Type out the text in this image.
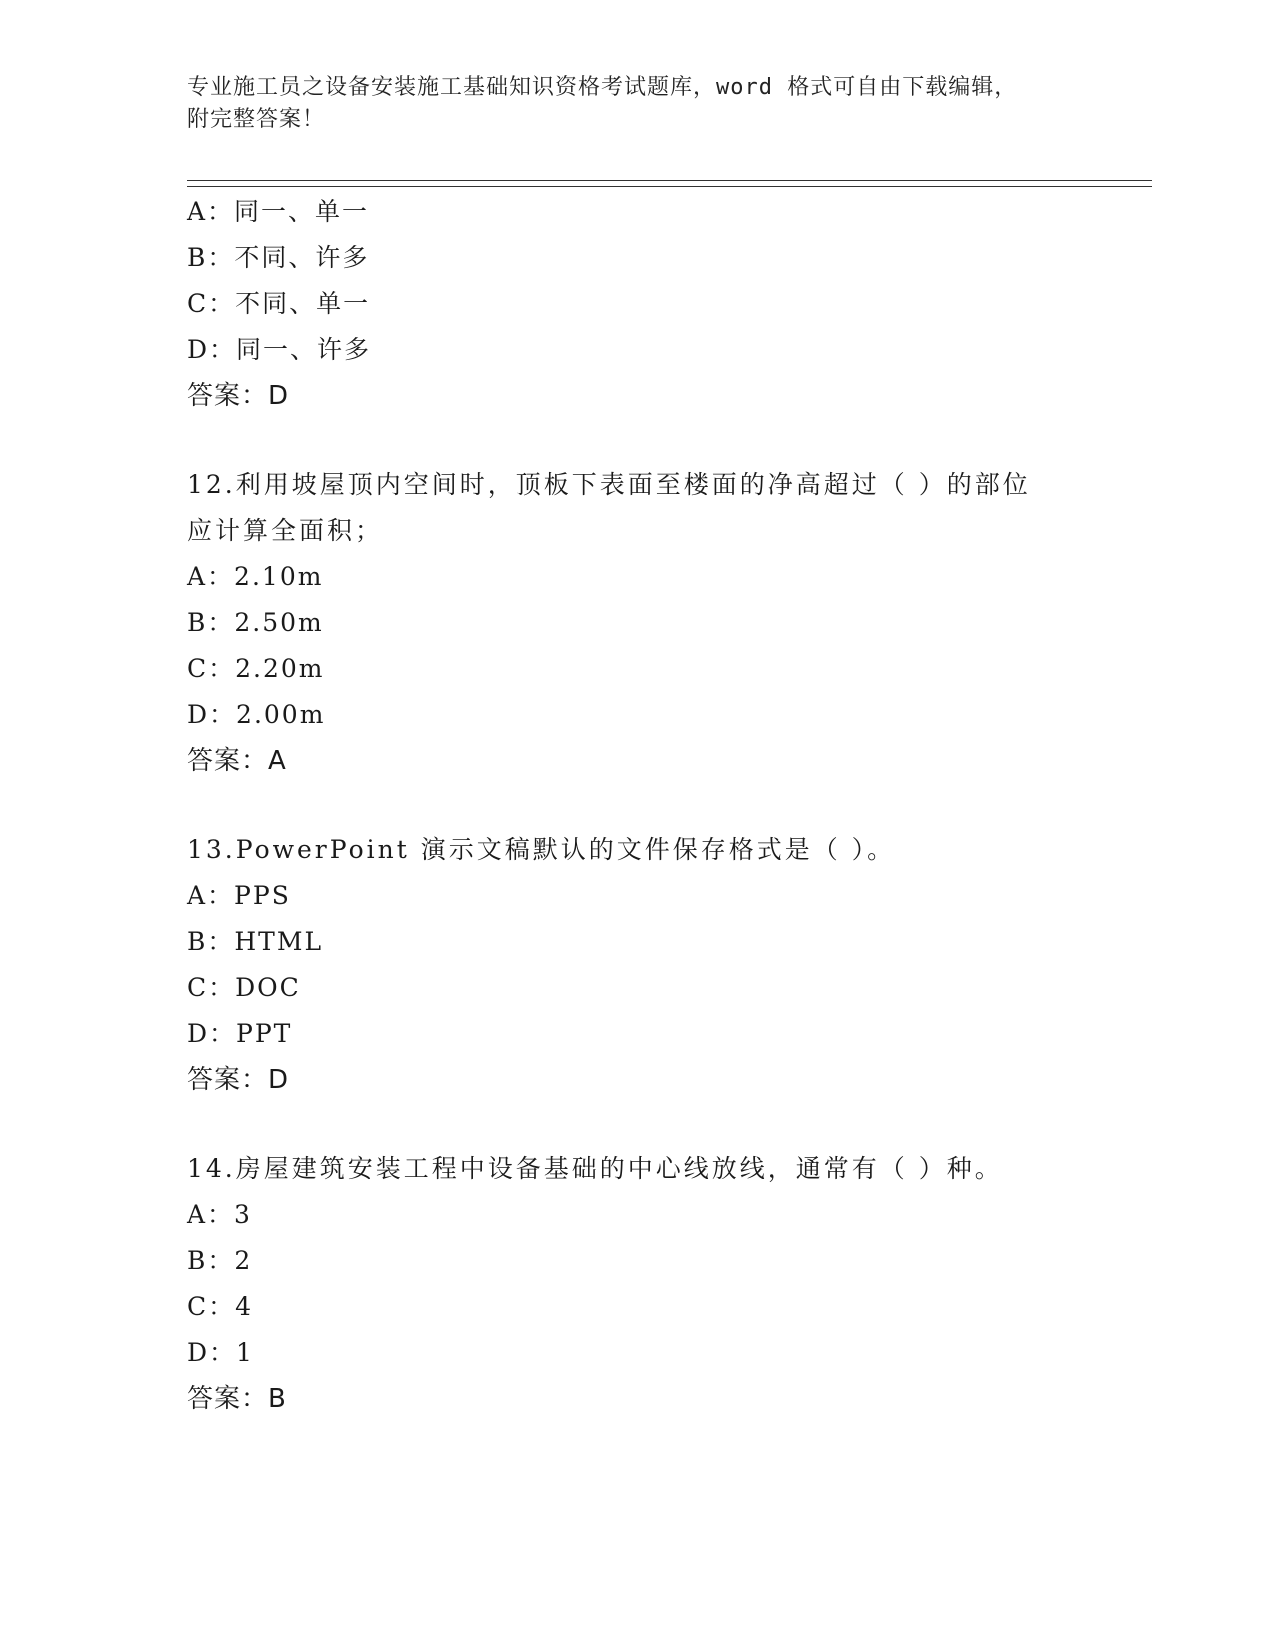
专业施工员之设备安装施工基础知识资格考试题库，word 格式可自由下载编辑，
附完整答案！
A：同一、单一
B：不同、许多
C：不同、单一
D：同一、许多
答案：D
12.利用坡屋顶内空间时，顶板下表面至楼面的净高超过（ ）的部位
应计算全面积；
A：2.10m
B：2.50m
C：2.20m
D：2.00m
答案：A
13.PowerPoint 演示文稿默认的文件保存格式是（ ）。
A：PPS
B：HTML
C：DOC
D：PPT
答案：D
14.房屋建筑安装工程中设备基础的中心线放线，通常有（ ）种。
A：3
B：2
C：4
D：1
答案：B
